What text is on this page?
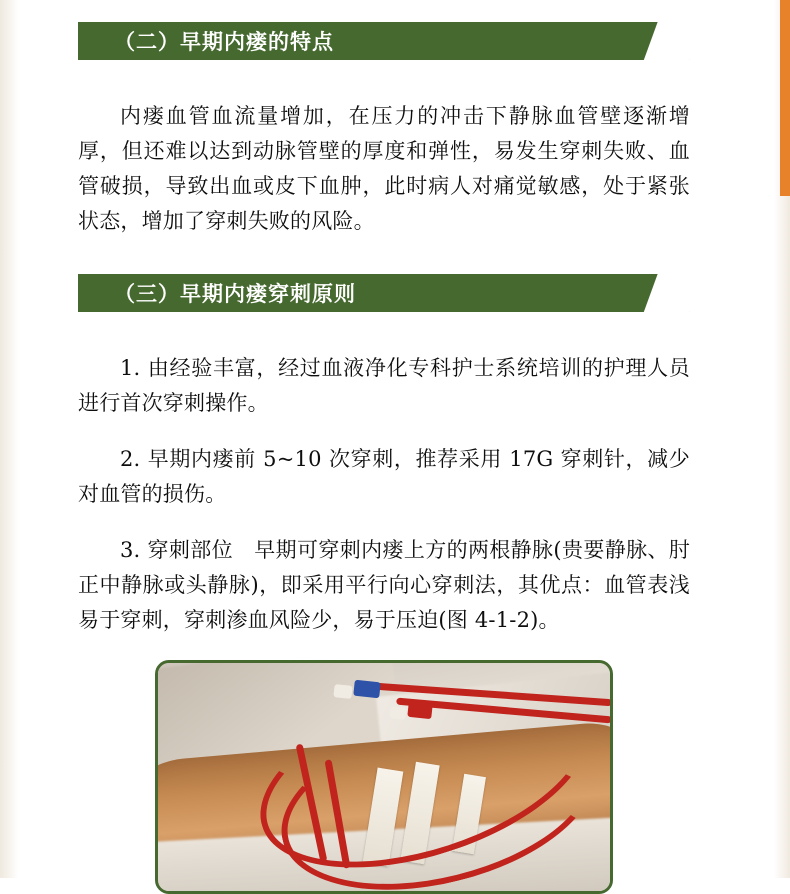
（二）早期内瘘的特点

内瘘血管血流量增加，在压力的冲击下静脉血管壁逐渐增厚，但还难以达到动脉管壁的厚度和弹性，易发生穿刺失败、血管破损，导致出血或皮下血肿，此时病人对痛觉敏感，处于紧张状态，增加了穿刺失败的风险。

（三）早期内瘘穿刺原则

1. 由经验丰富，经过血液净化专科护士系统培训的护理人员进行首次穿刺操作。

2. 早期内瘘前 5~10 次穿刺，推荐采用 17G 穿刺针，减少对血管的损伤。

3. 穿刺部位　早期可穿刺内瘘上方的两根静脉(贵要静脉、肘正中静脉或头静脉)，即采用平行向心穿刺法，其优点：血管表浅易于穿刺，穿刺渗血风险少，易于压迫(图 4-1-2)。
